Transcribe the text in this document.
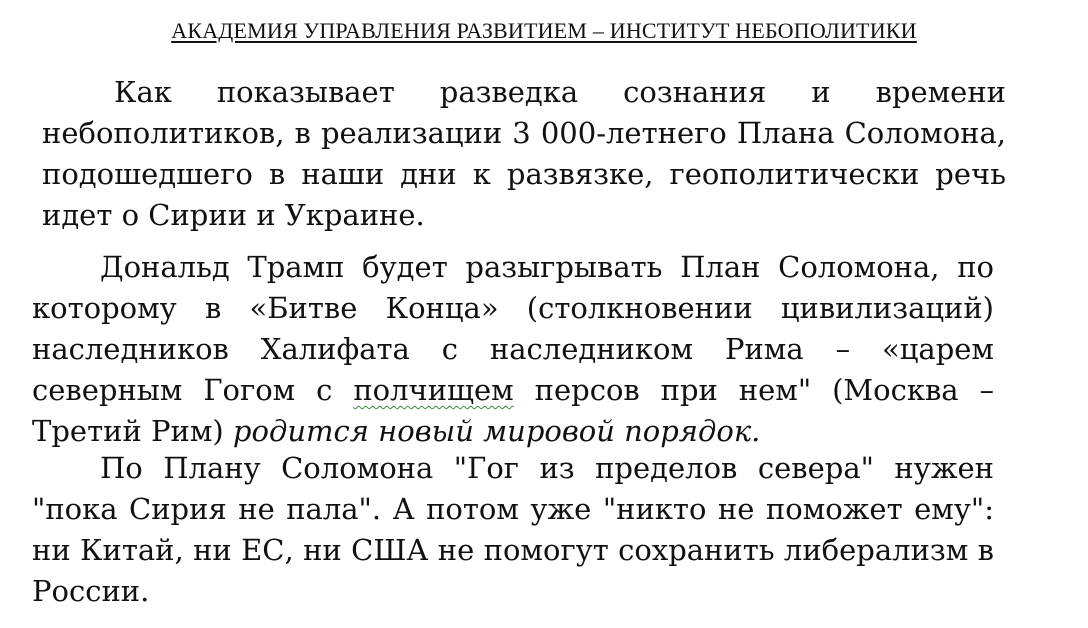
АКАДЕМИЯ УПРАВЛЕНИЯ РАЗВИТИЕМ – ИНСТИТУТ НЕБОПОЛИТИКИ

Как показывает разведка сознания и времени небополитиков, в реализации 3 000-летнего Плана Соломона, подошедшего в наши дни к развязке, геополитически речь идет о Сирии и Украине.

Дональд Трамп будет разыгрывать План Соломона, по которому в «Битве Конца» (столкновении цивилизаций) наследников Халифата с наследником Рима – «царем северным Гогом с полчищем персов при нем" (Москва – Третий Рим) родится новый мировой порядок.

По Плану Соломона "Гог из пределов севера" нужен "пока Сирия не пала". А потом уже "никто не поможет ему": ни Китай, ни ЕС, ни США не помогут сохранить либерализм в России.
